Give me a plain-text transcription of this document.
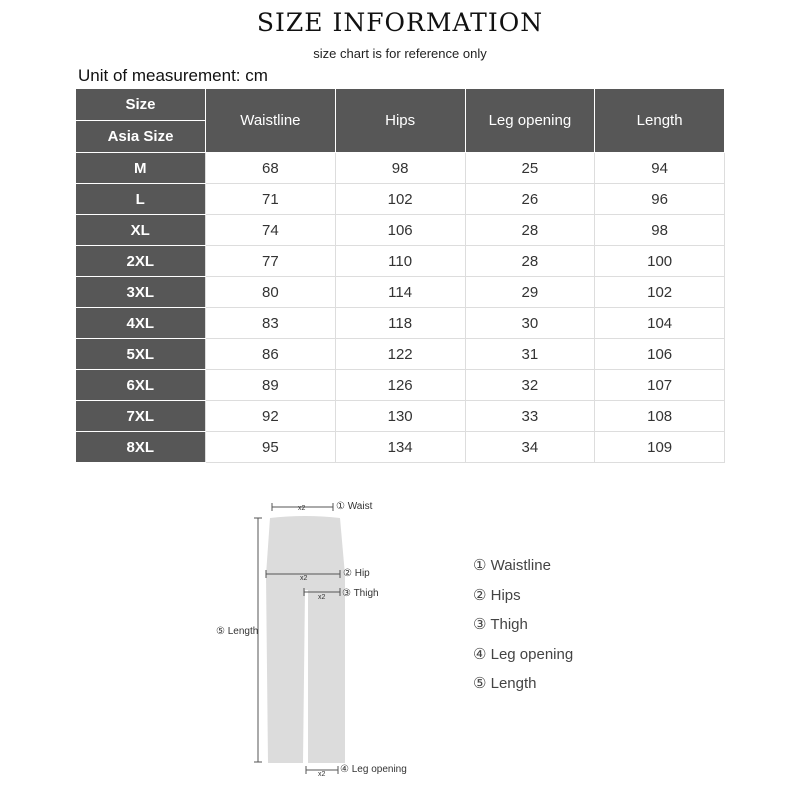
SIZE INFORMATION
size chart is for reference only
Unit of measurement: cm
Size	Waistline	Hips	Leg opening	Length
Asia Size				
M	68	98	25	94
L	71	102	26	96
XL	74	106	28	98
2XL	77	110	28	100
3XL	80	114	29	102
4XL	83	118	30	104
5XL	86	122	31	106
6XL	89	126	32	107
7XL	92	130	33	108
8XL	95	134	34	109
x2	① Waist
x2	② Hip
x2 ③ Thigh
x2 ④ Leg opening
⑤ Length
① Waistline
② Hips
③ Thigh
④ Leg opening
⑤ Length
